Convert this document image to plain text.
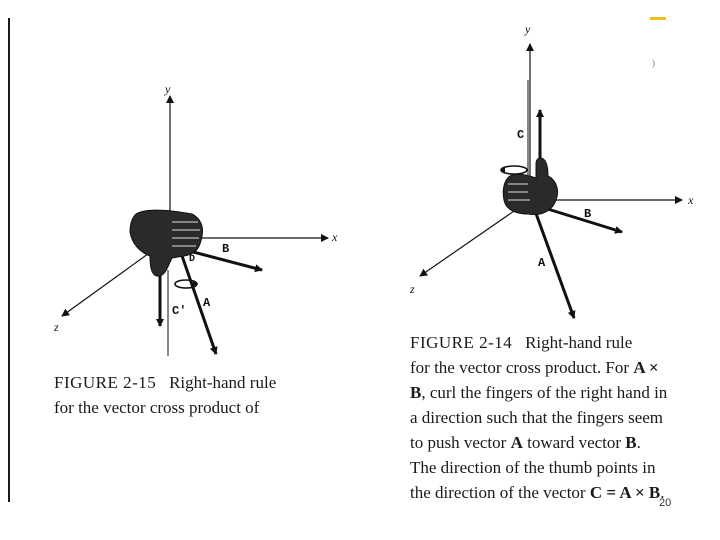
)
y
x
z
B
A
C'
D
y
x
z
C
B
A
FIGURE 2-15 Right-hand rule
for the vector cross product of
FIGURE 2-14 Right-hand rule
for the vector cross product. For A ×
B, curl the fingers of the right hand in
a direction such that the fingers seem
to push vector A toward vector B.
The direction of the thumb points in
the direction of the vector C = A × B.
20
